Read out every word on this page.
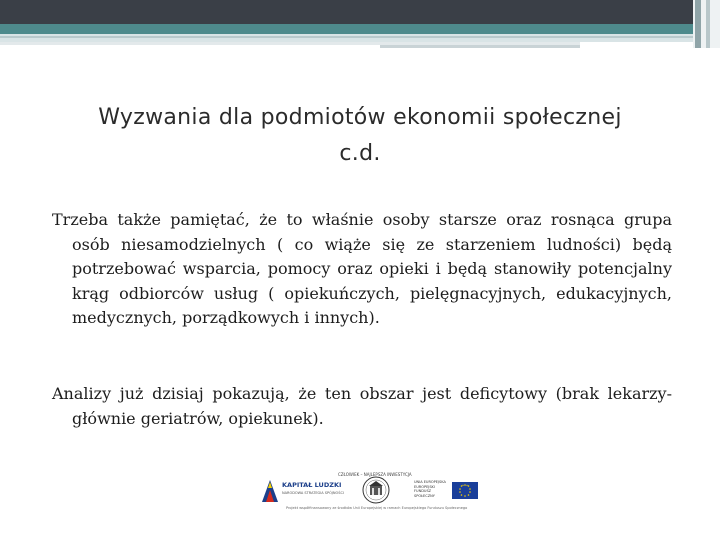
Wyzwania dla podmiotów ekonomii społecznej
c.d.
Trzeba także pamiętać, że to właśnie osoby starsze oraz rosnąca grupa osób niesamodzielnych ( co wiąże się ze starzeniem ludności) będą potrzebować wsparcia, pomocy oraz opieki i będą stanowiły potencjalny krąg odbiorców usług ( opiekuńczych, pielęgnacyjnych, edukacyjnych, medycznych, porządkowych i innych).
Analizy już dzisiaj pokazują, że ten obszar jest deficytowy (brak lekarzy- głównie geriatrów, opiekunek).
CZŁOWIEK – NAJLEPSZA INWESTYCJA
KAPITAŁ LUDZKI
NARODOWA STRATEGIA SPÓJNOŚCI
UNIA EUROPEJSKA EUROPEJSKI FUNDUSZ SPOŁECZNY
Projekt współfinansowany ze środków Unii Europejskiej w ramach Europejskiego Funduszu Społecznego
